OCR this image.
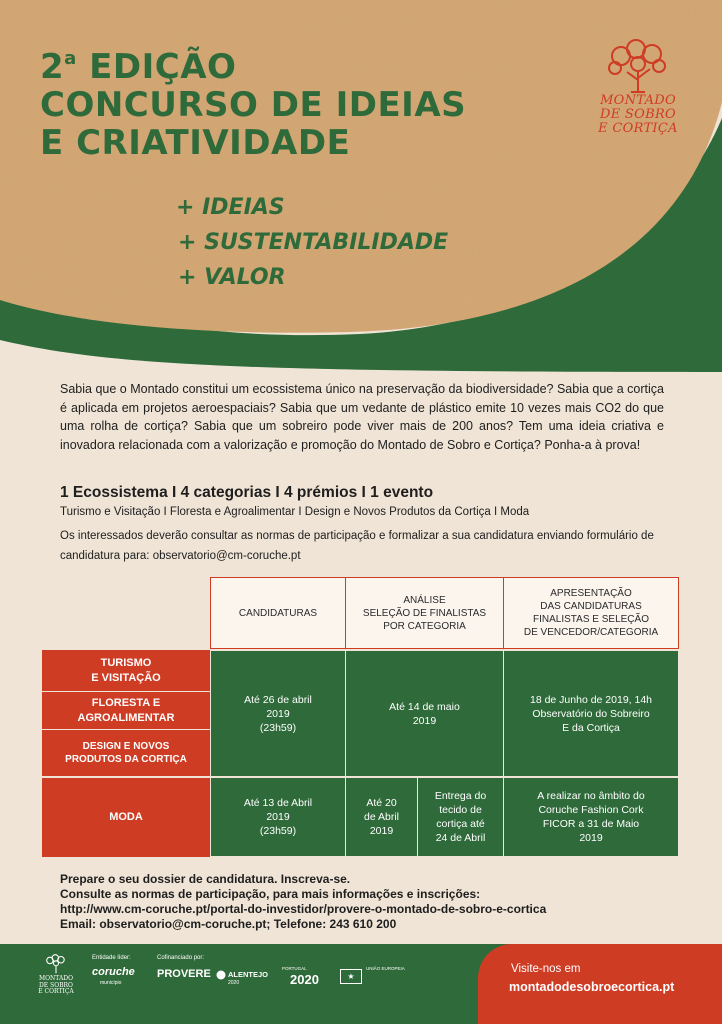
2$^a$ EDIÇÃO
CONCURSO DE IDEIAS
E CRIATIVIDADE
+ IDEIAS
+ SUSTENTABILIDADE
+ VALOR
MONTADO
DE SOBRO
E CORTIÇA

Sabia que o Montado constitui um ecossistema único na preservação da biodiversidade? Sabia que a cortiça é aplicada em projetos aeroespaciais? Sabia que um vedante de plástico emite 10 vezes mais CO2 do que uma rolha de cortiça? Sabia que um sobreiro pode viver mais de 200 anos? Tem uma ideia criativa e inovadora relacionada com a valorização e promoção do Montado de Sobro e Cortiça? Ponha-a à prova!

1 Ecossistema I 4 categorias I 4 prémios I 1 evento
Turismo e Visitação I Floresta e Agroalimentar I Design e Novos Produtos da Cortiça I Moda

Os interessados deverão consultar as normas de participação e formalizar a sua candidatura enviando formulário de candidatura para: observatorio@cm-coruche.pt

CANDIDATURAS
ANÁLISE
SELEÇÃO DE FINALISTAS
POR CATEGORIA
APRESENTAÇÃO
DAS CANDIDATURAS
FINALISTAS E SELEÇÃO
DE VENCEDOR/CATEGORIA
TURISMO
E VISITAÇÃO
FLORESTA E
AGROALIMENTAR
DESIGN E NOVOS
PRODUTOS DA CORTIÇA
MODA
Até 26 de abril
2019
(23h59)
Até 14 de maio
2019
18 de Junho de 2019, 14h
Observatório do Sobreiro
E da Cortiça
Até 13 de Abril
2019
(23h59)
Até 20
de Abril
2019
Entrega do
tecido de
cortiça até
24 de Abril
A realizar no âmbito do
Coruche Fashion Cork
FICOR a 31 de Maio
2019
Prepare o seu dossier de candidatura. Inscreva-se.
Consulte as normas de participação, para mais informações e inscrições:
http://www.cm-coruche.pt/portal-do-investidor/provere-o-montado-de-sobro-e-cortica
Email: observatorio@cm-coruche.pt; Telefone: 243 610 200
MONTADO
DE SOBRO
E CORTIÇA
Entidade líder:
coruche
município
Cofinanciado por:
PROVERE ALENTEJO
2020
PORTUGAL
2020	★
UNIÃO EUROPEIA	Visite-nos em
montadodesobroecortica.pt
